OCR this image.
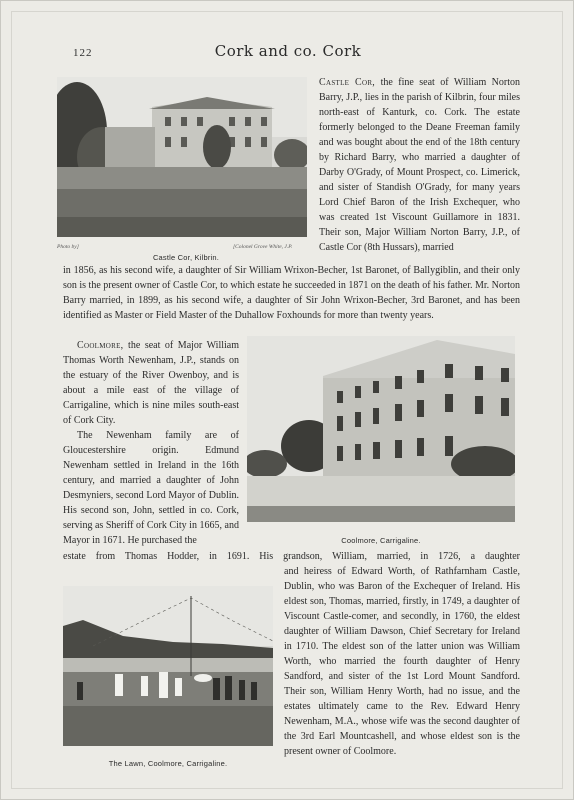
122	Cork and co. Cork
Photo by]
Castle Cor, Kilbrin.
[Colonel Grove White, J.P.

Castle Cor, the fine seat of William Norton Barry, J.P., lies in the parish of Kilbrin, four miles north-east of Kanturk, co. Cork. The estate formerly belonged to the Deane Freeman family and was bought about the end of the 18th century by Richard Barry, who married a daughter of Darby O'Grady, of Mount Prospect, co. Limerick, and sister of Standish O'Grady, for many years Lord Chief Baron of the Irish Exchequer, who was created 1st Viscount Guillamore in 1831. Their son, Major William Norton Barry, J.P., of Castle Cor (8th Hussars), married

in 1856, as his second wife, a daughter of Sir William Wrixon-Becher, 1st Baronet, of Ballygiblin, and their only son is the present owner of Castle Cor, to which estate he succeeded in 1871 on the death of his father. Mr. Norton Barry married, in 1899, as his second wife, a daughter of Sir John Wrixon-Becher, 3rd Baronet, and has been identified as Master or Field Master of the Duhallow Foxhounds for more than twenty years.

Coolmore, the seat of Major William Thomas Worth Newenham, J.P., stands on the estuary of the River Owenboy, and is about a mile east of the village of Carrigaline, which is nine miles south-east of Cork City.

The Newenham family are of Gloucestershire origin. Edmund Newenham settled in Ireland in the 16th century, and married a daughter of John Desmyniers, second Lord Mayor of Dublin. His second son, John, settled in co. Cork, serving as Sheriff of Cork City in 1665, and Mayor in 1671. He purchased the	Coolmore, Carrigaline.

estate from Thomas Hodder, in 1691. His grandson, William, married, in 1726, a daughter

The Lawn, Coolmore, Carrigaline.

and heiress of Edward Worth, of Rathfarnham Castle, Dublin, who was Baron of the Exchequer of Ireland. His eldest son, Thomas, married, firstly, in 1749, a daughter of Viscount Castle-comer, and secondly, in 1760, the eldest daughter of William Dawson, Chief Secretary for Ireland in 1710. The eldest son of the latter union was William Worth, who married the fourth daughter of Henry Sandford, and sister of the 1st Lord Mount Sandford. Their son, William Henry Worth, had no issue, and the estates ultimately came to the Rev. Edward Henry Newenham, M.A., whose wife was the second daughter of the 3rd Earl Mountcashell, and whose eldest son is the present owner of Coolmore.
